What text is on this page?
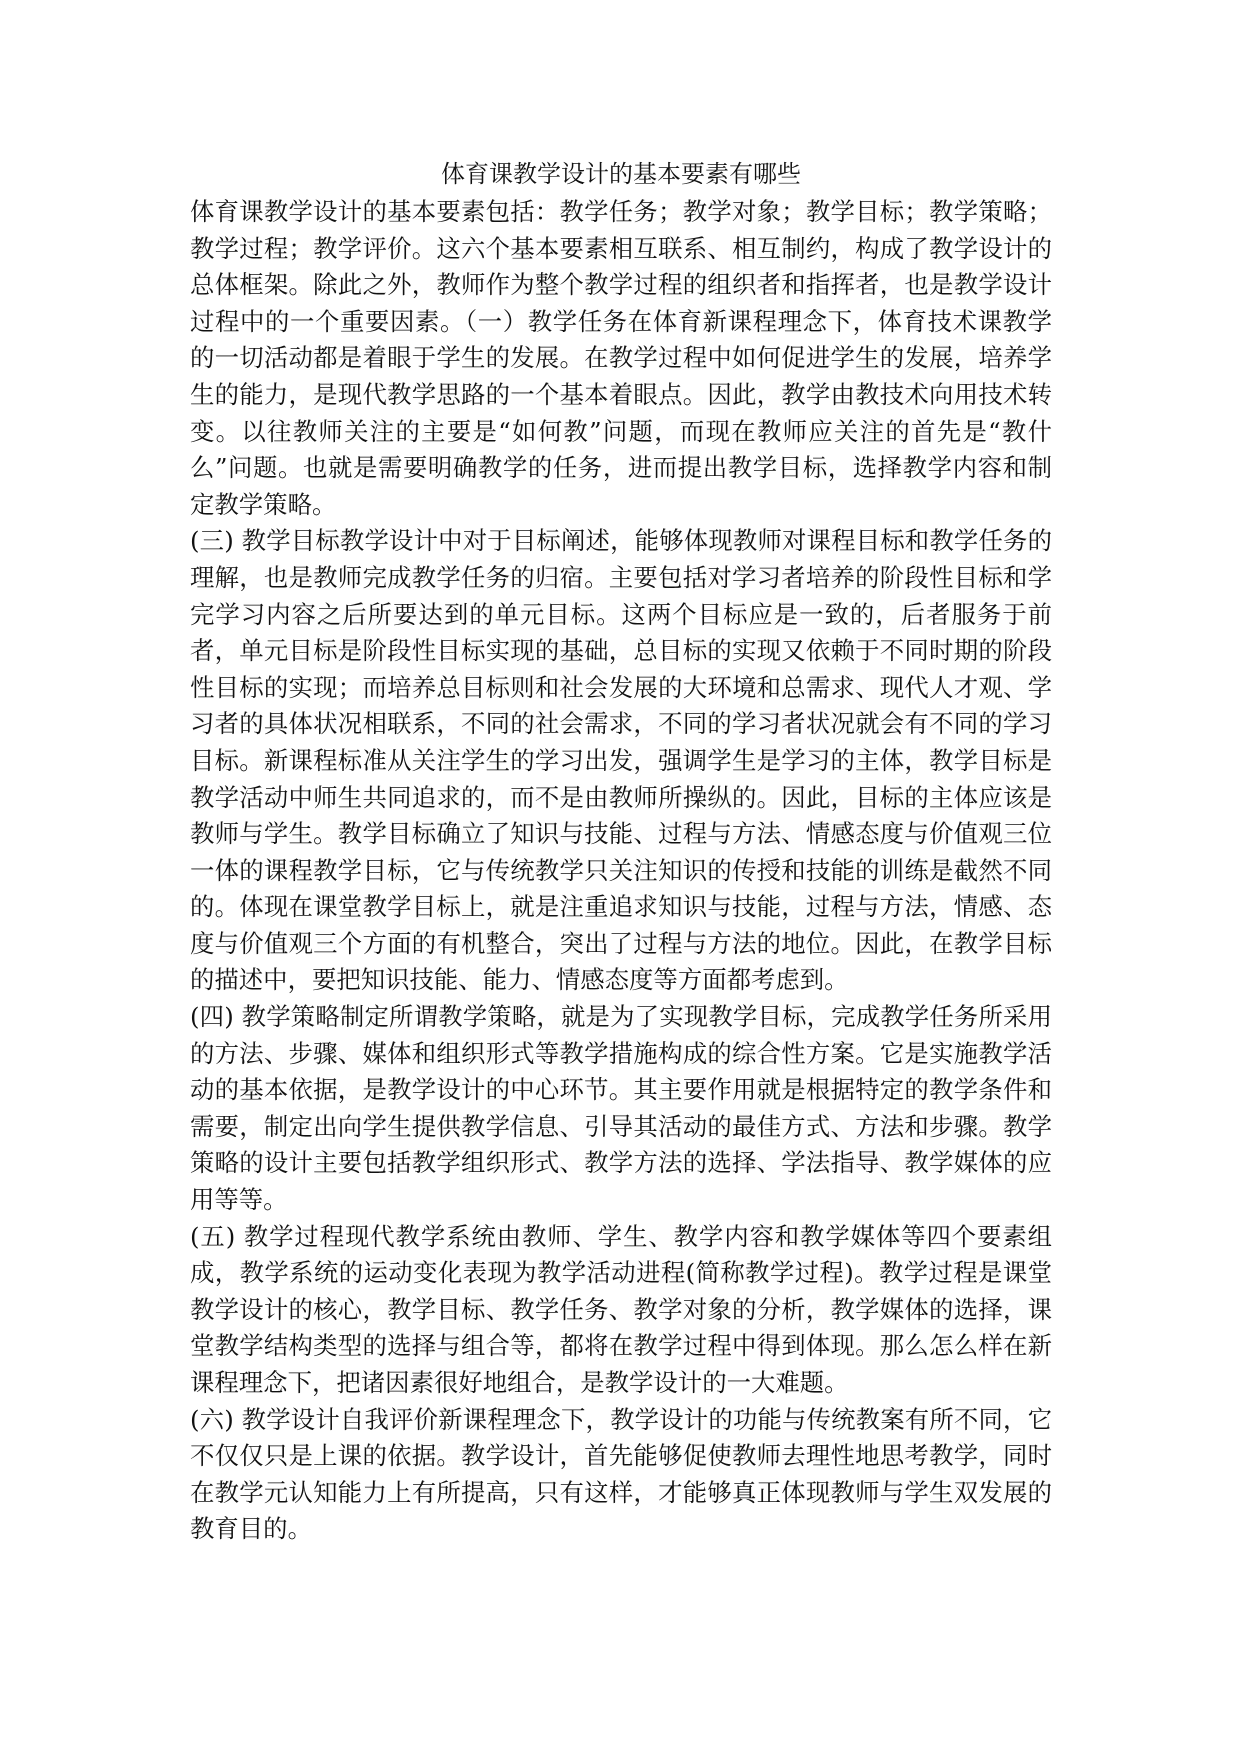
体育课教学设计的基本要素有哪些

体育课教学设计的基本要素包括：教学任务；教学对象；教学目标；教学策略；教学过程；教学评价。这六个基本要素相互联系、相互制约，构成了教学设计的总体框架。除此之外，教师作为整个教学过程的组织者和指挥者，也是教学设计过程中的一个重要因素。（一）教学任务在体育新课程理念下，体育技术课教学的一切活动都是着眼于学生的发展。在教学过程中如何促进学生的发展，培养学生的能力，是现代教学思路的一个基本着眼点。因此，教学由教技术向用技术转变。以往教师关注的主要是“如何教”问题，而现在教师应关注的首先是“教什么”问题。也就是需要明确教学的任务，进而提出教学目标，选择教学内容和制定教学策略。

(三) 教学目标教学设计中对于目标阐述，能够体现教师对课程目标和教学任务的理解，也是教师完成教学任务的归宿。主要包括对学习者培养的阶段性目标和学完学习内容之后所要达到的单元目标。这两个目标应是一致的，后者服务于前者，单元目标是阶段性目标实现的基础，总目标的实现又依赖于不同时期的阶段性目标的实现；而培养总目标则和社会发展的大环境和总需求、现代人才观、学习者的具体状况相联系，不同的社会需求，不同的学习者状况就会有不同的学习目标。新课程标准从关注学生的学习出发，强调学生是学习的主体，教学目标是教学活动中师生共同追求的，而不是由教师所操纵的。因此，目标的主体应该是教师与学生。教学目标确立了知识与技能、过程与方法、情感态度与价值观三位一体的课程教学目标，它与传统教学只关注知识的传授和技能的训练是截然不同的。体现在课堂教学目标上，就是注重追求知识与技能，过程与方法，情感、态度与价值观三个方面的有机整合，突出了过程与方法的地位。因此，在教学目标的描述中，要把知识技能、能力、情感态度等方面都考虑到。

(四) 教学策略制定所谓教学策略，就是为了实现教学目标，完成教学任务所采用的方法、步骤、媒体和组织形式等教学措施构成的综合性方案。它是实施教学活动的基本依据，是教学设计的中心环节。其主要作用就是根据特定的教学条件和需要，制定出向学生提供教学信息、引导其活动的最佳方式、方法和步骤。教学策略的设计主要包括教学组织形式、教学方法的选择、学法指导、教学媒体的应用等等。

(五) 教学过程现代教学系统由教师、学生、教学内容和教学媒体等四个要素组成，教学系统的运动变化表现为教学活动进程(简称教学过程)。教学过程是课堂教学设计的核心，教学目标、教学任务、教学对象的分析，教学媒体的选择，课堂教学结构类型的选择与组合等，都将在教学过程中得到体现。那么怎么样在新课程理念下，把诸因素很好地组合，是教学设计的一大难题。

(六) 教学设计自我评价新课程理念下，教学设计的功能与传统教案有所不同，它不仅仅只是上课的依据。教学设计，首先能够促使教师去理性地思考教学，同时在教学元认知能力上有所提高，只有这样，才能够真正体现教师与学生双发展的教育目的。
